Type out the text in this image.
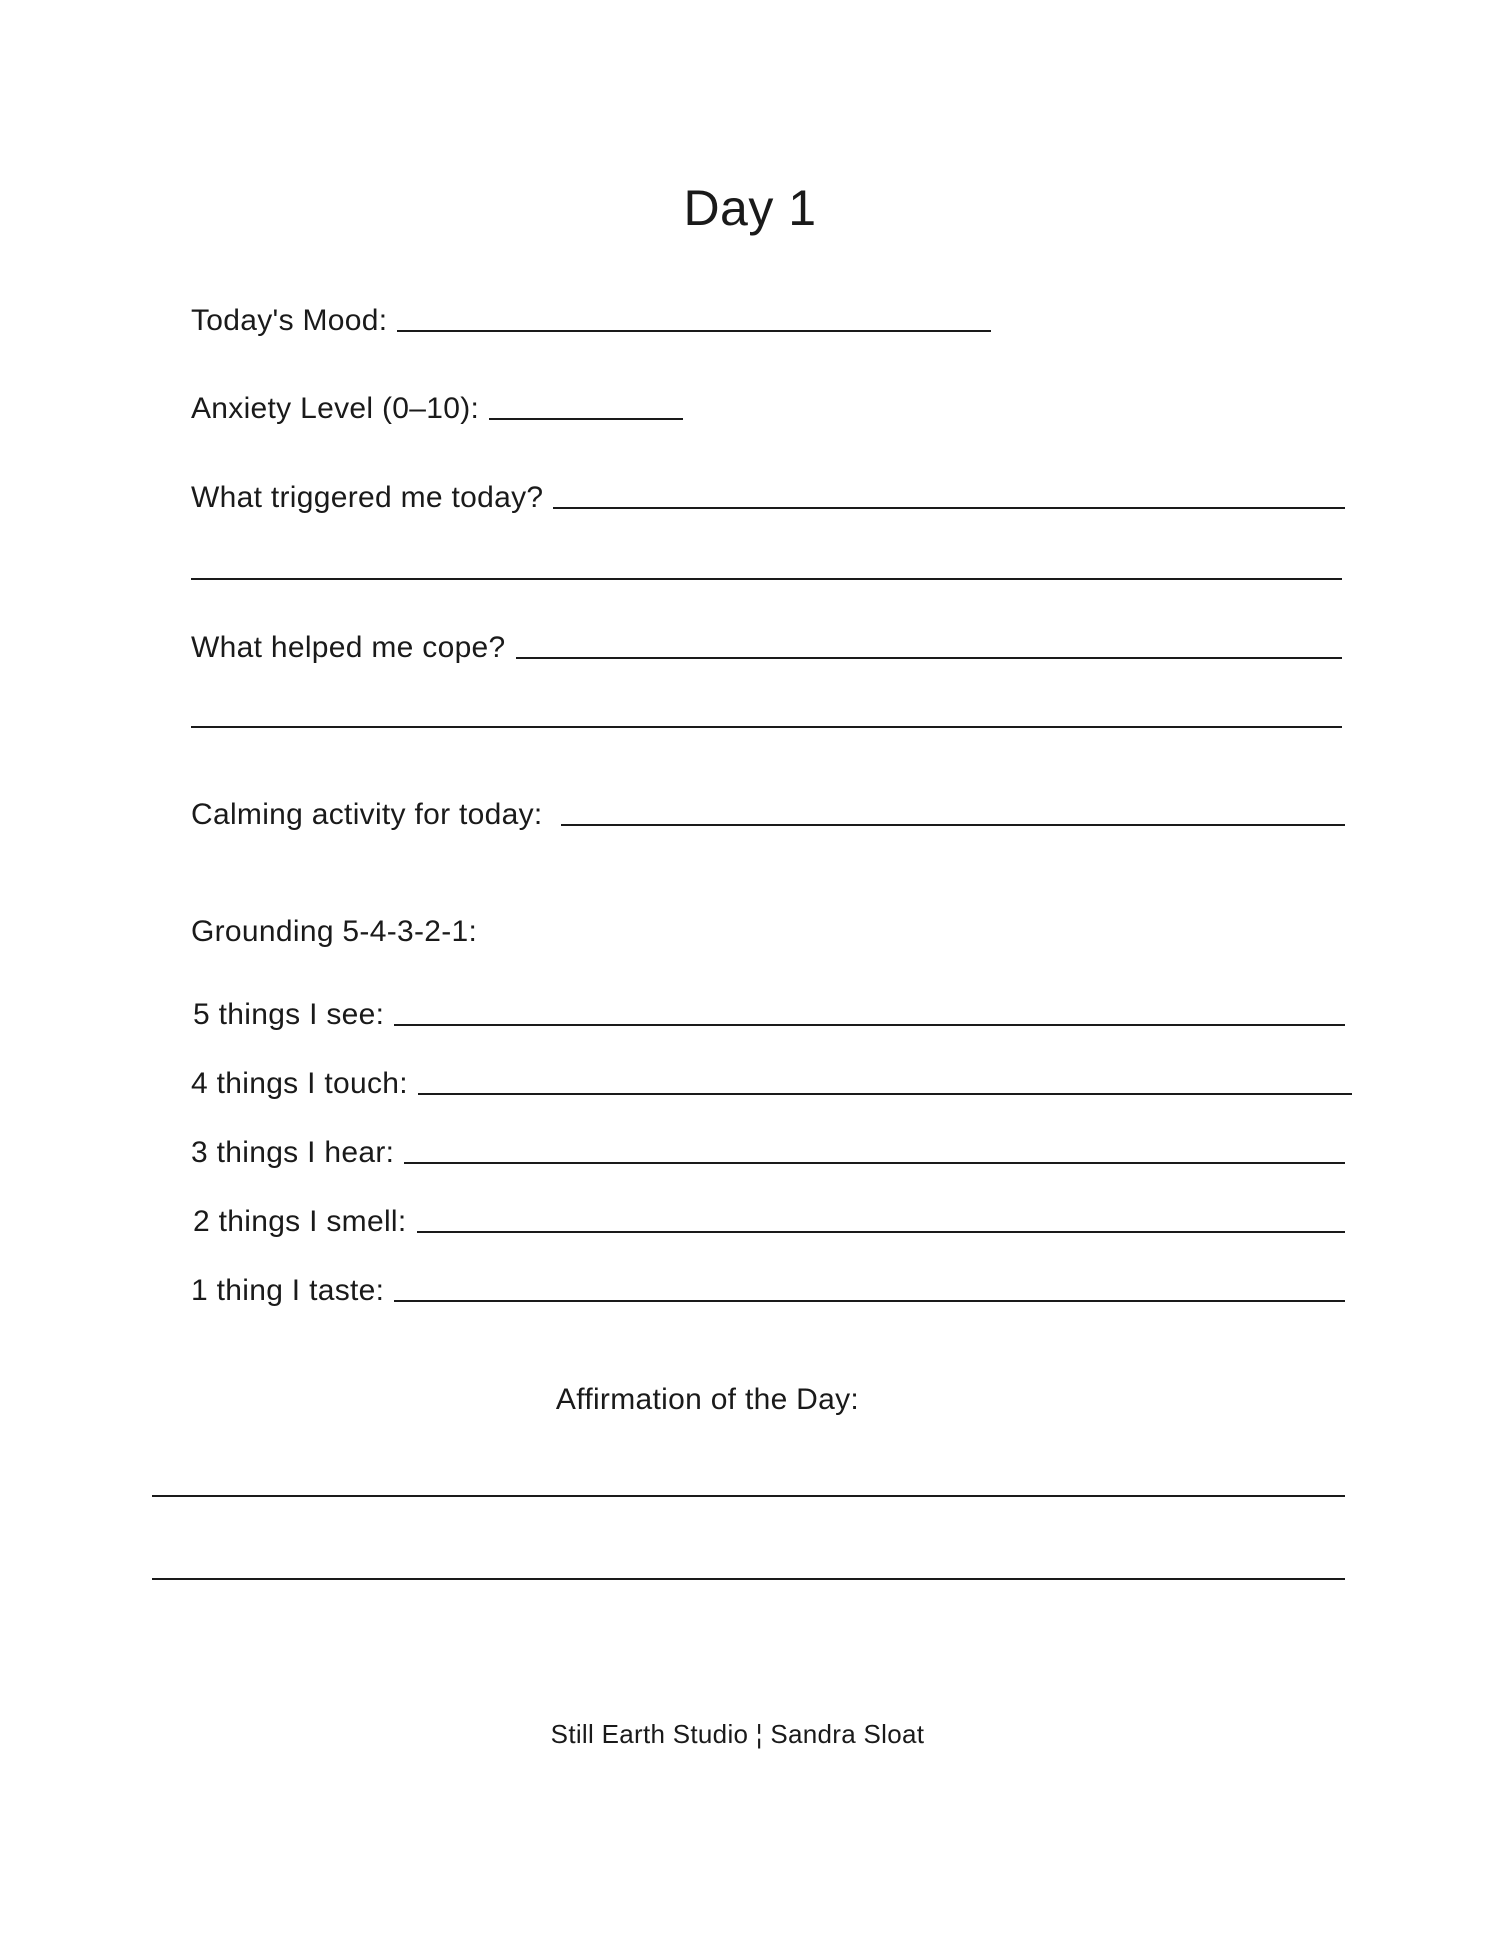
Day 1
Today's Mood:
Anxiety Level (0–10):
What triggered me today?
What helped me cope?
Calming activity for today:
Grounding 5-4-3-2-1:
5 things I see:
4 things I touch:
3 things I hear:
2 things I smell:
1 thing I taste:
Affirmation of the Day:
Still Earth Studio ¦ Sandra Sloat
